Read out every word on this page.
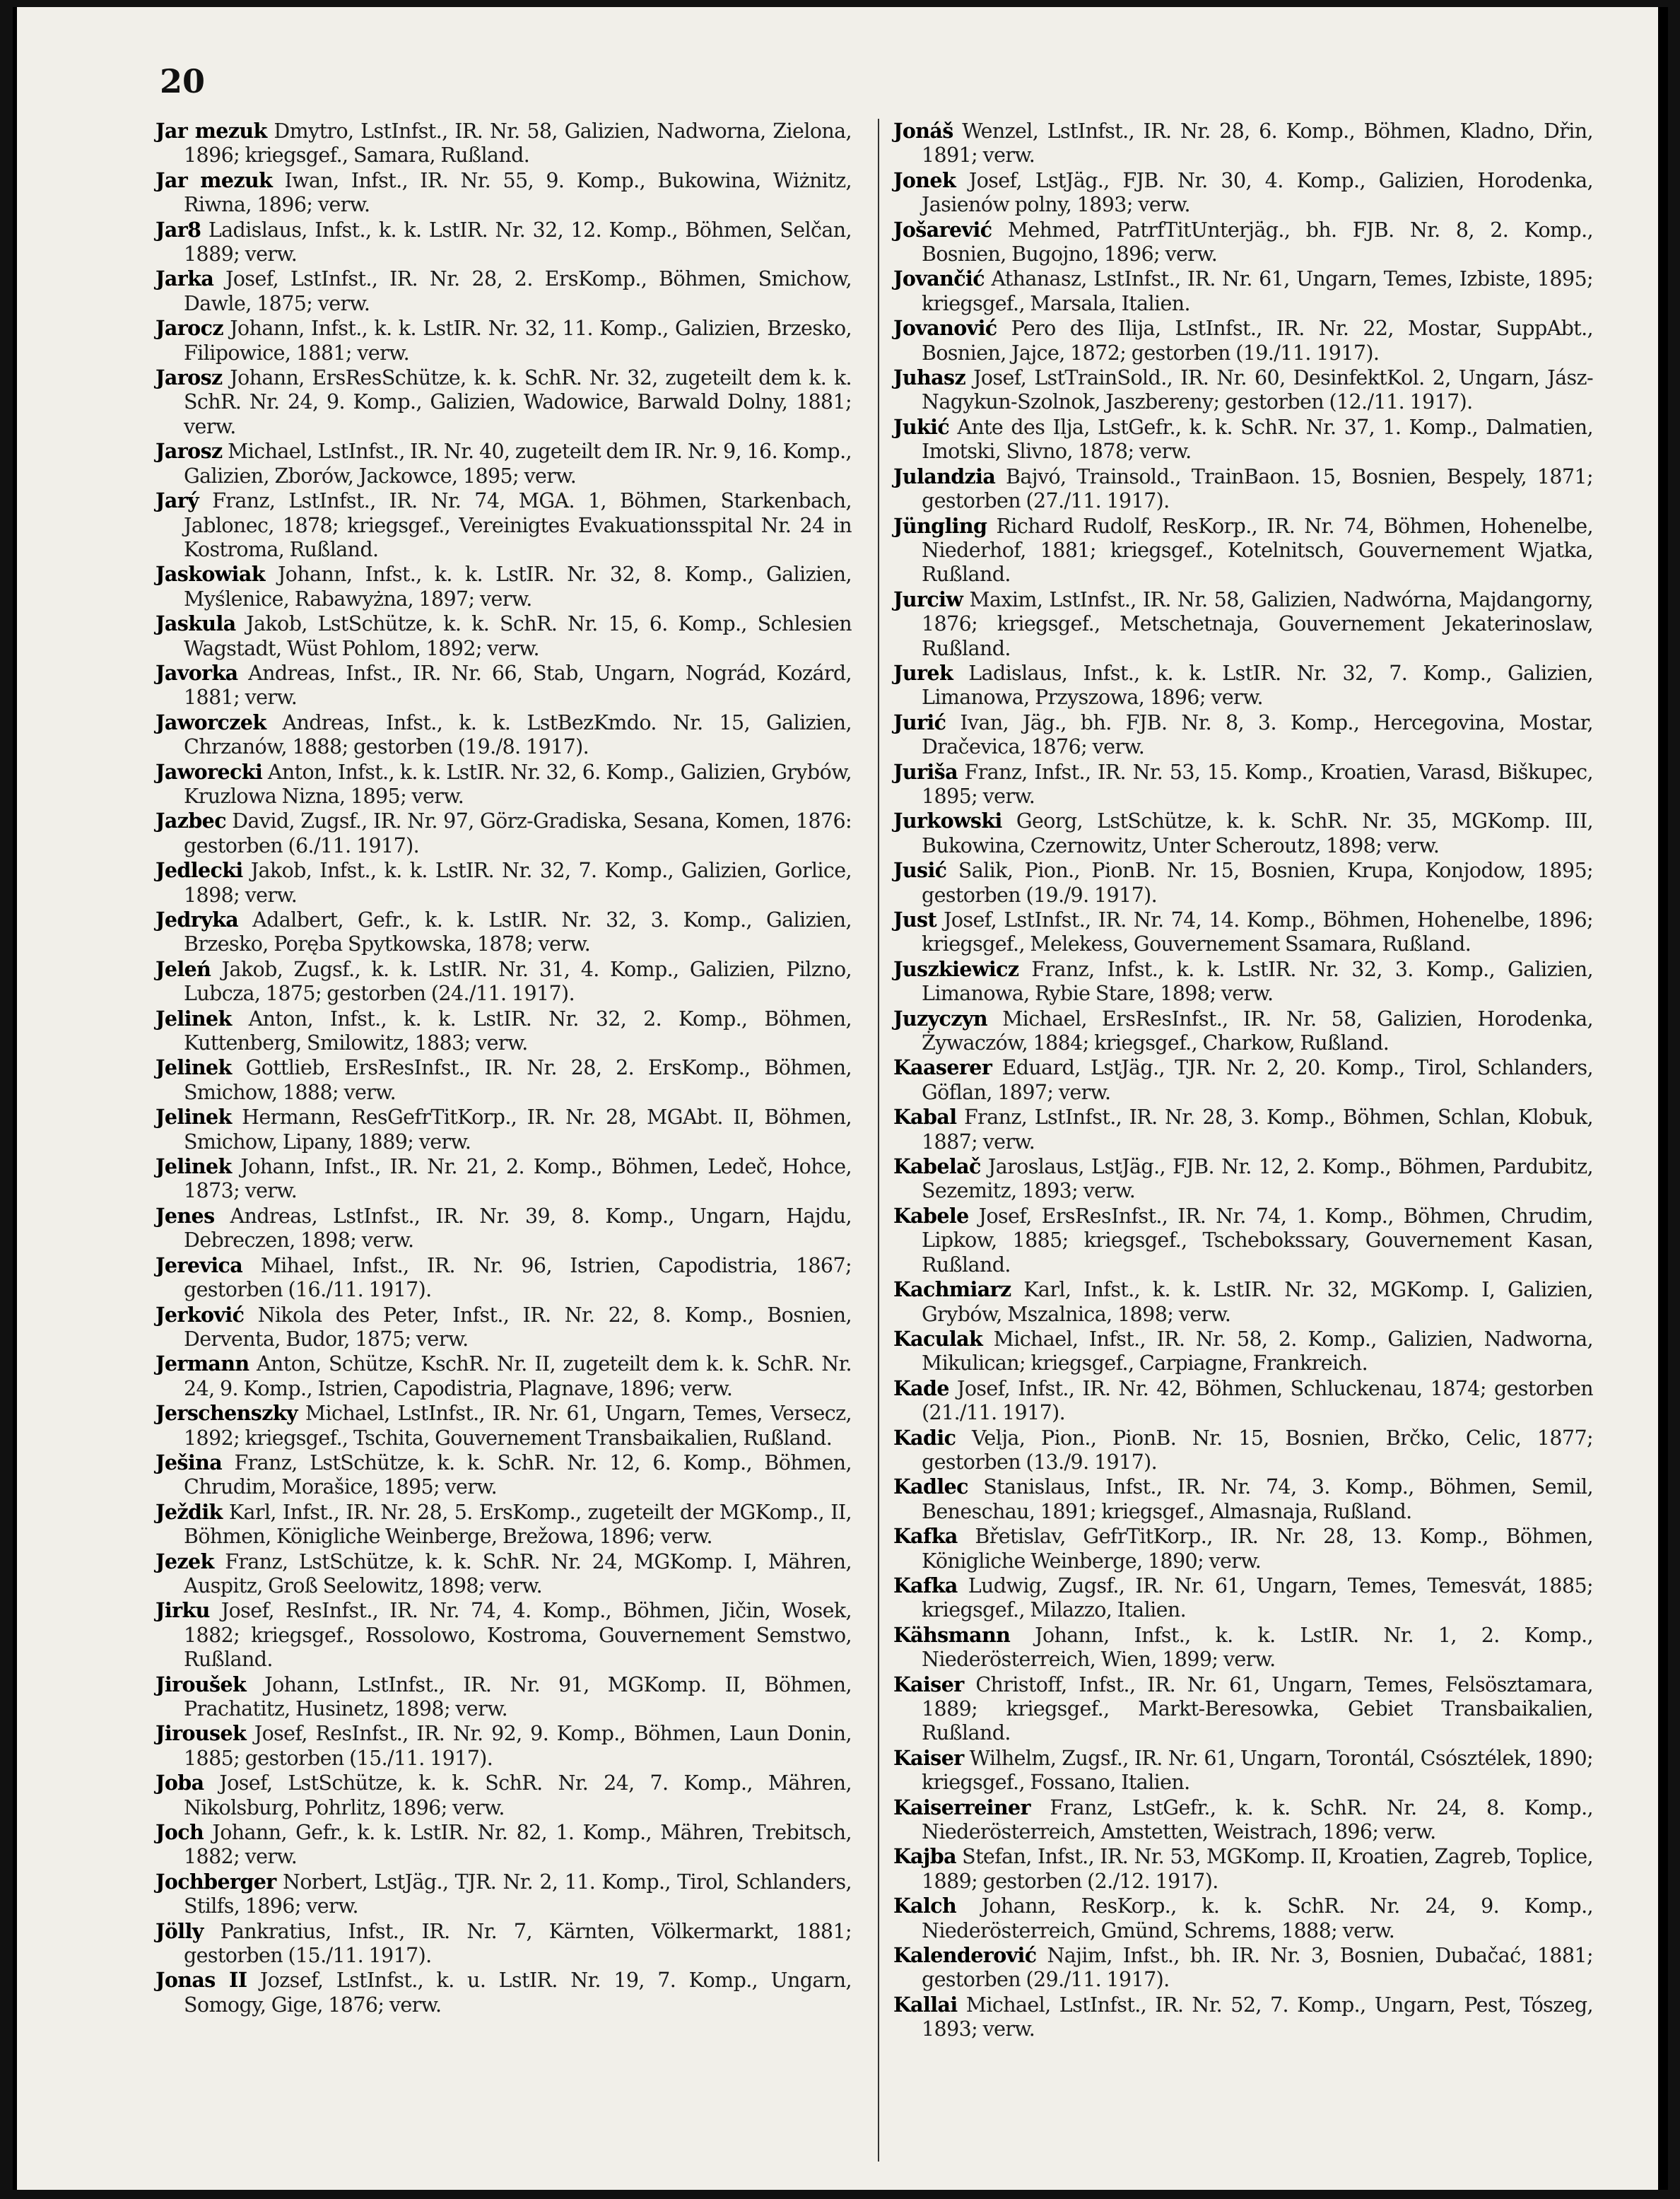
20

Jar mezuk Dmytro, LstInfst., IR. Nr. 58, Galizien, Nadworna, Zielona, 1896; kriegsgef., Samara, Rußland.

Jar mezuk Iwan, Infst., IR. Nr. 55, 9. Komp., Bukowina, Wiżnitz, Riwna, 1896; verw.

Jar8 Ladislaus, Infst., k. k. LstIR. Nr. 32, 12. Komp., Böhmen, Selčan, 1889; verw.

Jarka Josef, LstInfst., IR. Nr. 28, 2. ErsKomp., Böhmen, Smichow, Dawle, 1875; verw.

Jarocz Johann, Infst., k. k. LstIR. Nr. 32, 11. Komp., Galizien, Brzesko, Filipowice, 1881; verw.

Jarosz Johann, ErsResSchütze, k. k. SchR. Nr. 32, zugeteilt dem k. k. SchR. Nr. 24, 9. Komp., Galizien, Wadowice, Barwald Dolny, 1881; verw.

Jarosz Michael, LstInfst., IR. Nr. 40, zugeteilt dem IR. Nr. 9, 16. Komp., Galizien, Zborów, Jackowce, 1895; verw.

Jarý Franz, LstInfst., IR. Nr. 74, MGA. 1, Böhmen, Starkenbach, Jablonec, 1878; kriegsgef., Vereinigtes Evakuationsspital Nr. 24 in Kostroma, Rußland.

Jaskowiak Johann, Infst., k. k. LstIR. Nr. 32, 8. Komp., Galizien, Myślenice, Rabawyżna, 1897; verw.

Jaskula Jakob, LstSchütze, k. k. SchR. Nr. 15, 6. Komp., Schlesien Wagstadt, Wüst Pohlom, 1892; verw.

Javorka Andreas, Infst., IR. Nr. 66, Stab, Ungarn, Nográd, Kozárd, 1881; verw.

Jaworczek Andreas, Infst., k. k. LstBezKmdo. Nr. 15, Galizien, Chrzanów, 1888; gestorben (19./8. 1917).

Jaworecki Anton, Infst., k. k. LstIR. Nr. 32, 6. Komp., Galizien, Grybów, Kruzlowa Nizna, 1895; verw.

Jazbec David, Zugsf., IR. Nr. 97, Görz-Gradiska, Sesana, Komen, 1876: gestorben (6./11. 1917).

Jedlecki Jakob, Infst., k. k. LstIR. Nr. 32, 7. Komp., Galizien, Gorlice, 1898; verw.

Jedryka Adalbert, Gefr., k. k. LstIR. Nr. 32, 3. Komp., Galizien, Brzesko, Poręba Spytkowska, 1878; verw.

Jeleń Jakob, Zugsf., k. k. LstIR. Nr. 31, 4. Komp., Galizien, Pilzno, Lubcza, 1875; gestorben (24./11. 1917).

Jelinek Anton, Infst., k. k. LstIR. Nr. 32, 2. Komp., Böhmen, Kuttenberg, Smilowitz, 1883; verw.

Jelinek Gottlieb, ErsResInfst., IR. Nr. 28, 2. ErsKomp., Böhmen, Smichow, 1888; verw.

Jelinek Hermann, ResGefrTitKorp., IR. Nr. 28, MGAbt. II, Böhmen, Smichow, Lipany, 1889; verw.

Jelinek Johann, Infst., IR. Nr. 21, 2. Komp., Böhmen, Ledeč, Hohce, 1873; verw.

Jenes Andreas, LstInfst., IR. Nr. 39, 8. Komp., Ungarn, Hajdu, Debreczen, 1898; verw.

Jerevica Mihael, Infst., IR. Nr. 96, Istrien, Capodistria, 1867; gestorben (16./11. 1917).

Jerković Nikola des Peter, Infst., IR. Nr. 22, 8. Komp., Bosnien, Derventa, Budor, 1875; verw.

Jermann Anton, Schütze, KschR. Nr. II, zugeteilt dem k. k. SchR. Nr. 24, 9. Komp., Istrien, Capodistria, Plagnave, 1896; verw.

Jerschenszky Michael, LstInfst., IR. Nr. 61, Ungarn, Temes, Versecz, 1892; kriegsgef., Tschita, Gouvernement Transbaikalien, Rußland.

Ješina Franz, LstSchütze, k. k. SchR. Nr. 12, 6. Komp., Böhmen, Chrudim, Morašice, 1895; verw.

Ježdik Karl, Infst., IR. Nr. 28, 5. ErsKomp., zugeteilt der MGKomp., II, Böhmen, Königliche Weinberge, Brežowa, 1896; verw.

Jezek Franz, LstSchütze, k. k. SchR. Nr. 24, MGKomp. I, Mähren, Auspitz, Groß Seelowitz, 1898; verw.

Jirku Josef, ResInfst., IR. Nr. 74, 4. Komp., Böhmen, Jičin, Wosek, 1882; kriegsgef., Rossolowo, Kostroma, Gouvernement Semstwo, Rußland.

Jiroušek Johann, LstInfst., IR. Nr. 91, MGKomp. II, Böhmen, Prachatitz, Husinetz, 1898; verw.

Jirousek Josef, ResInfst., IR. Nr. 92, 9. Komp., Böhmen, Laun Donin, 1885; gestorben (15./11. 1917).

Joba Josef, LstSchütze, k. k. SchR. Nr. 24, 7. Komp., Mähren, Nikolsburg, Pohrlitz, 1896; verw.

Joch Johann, Gefr., k. k. LstIR. Nr. 82, 1. Komp., Mähren, Trebitsch, 1882; verw.

Jochberger Norbert, LstJäg., TJR. Nr. 2, 11. Komp., Tirol, Schlanders, Stilfs, 1896; verw.

Jölly Pankratius, Infst., IR. Nr. 7, Kärnten, Völkermarkt, 1881; gestorben (15./11. 1917).

Jonas II Jozsef, LstInfst., k. u. LstIR. Nr. 19, 7. Komp., Ungarn, Somogy, Gige, 1876; verw.

Jonáš Wenzel, LstInfst., IR. Nr. 28, 6. Komp., Böhmen, Kladno, Dřin, 1891; verw.

Jonek Josef, LstJäg., FJB. Nr. 30, 4. Komp., Galizien, Horodenka, Jasienów polny, 1893; verw.

Jošarević Mehmed, PatrfTitUnterjäg., bh. FJB. Nr. 8, 2. Komp., Bosnien, Bugojno, 1896; verw.

Jovančić Athanasz, LstInfst., IR. Nr. 61, Ungarn, Temes, Izbiste, 1895; kriegsgef., Marsala, Italien.

Jovanović Pero des Ilija, LstInfst., IR. Nr. 22, Mostar, SuppAbt., Bosnien, Jajce, 1872; gestorben (19./11. 1917).

Juhasz Josef, LstTrainSold., IR. Nr. 60, DesinfektKol. 2, Ungarn, Jász-Nagykun-Szolnok, Jaszbereny; gestorben (12./11. 1917).

Jukić Ante des Ilja, LstGefr., k. k. SchR. Nr. 37, 1. Komp., Dalmatien, Imotski, Slivno, 1878; verw.

Julandzia Bajvó, Trainsold., TrainBaon. 15, Bosnien, Bespely, 1871; gestorben (27./11. 1917).

Jüngling Richard Rudolf, ResKorp., IR. Nr. 74, Böhmen, Hohenelbe, Niederhof, 1881; kriegsgef., Kotelnitsch, Gouvernement Wjatka, Rußland.

Jurciw Maxim, LstInfst., IR. Nr. 58, Galizien, Nadwórna, Majdangorny, 1876; kriegsgef., Metschetnaja, Gouvernement Jekaterinoslaw, Rußland.

Jurek Ladislaus, Infst., k. k. LstIR. Nr. 32, 7. Komp., Galizien, Limanowa, Przyszowa, 1896; verw.

Jurić Ivan, Jäg., bh. FJB. Nr. 8, 3. Komp., Hercegovina, Mostar, Dračevica, 1876; verw.

Juriša Franz, Infst., IR. Nr. 53, 15. Komp., Kroatien, Varasd, Biškupec, 1895; verw.

Jurkowski Georg, LstSchütze, k. k. SchR. Nr. 35, MGKomp. III, Bukowina, Czernowitz, Unter Scheroutz, 1898; verw.

Jusić Salik, Pion., PionB. Nr. 15, Bosnien, Krupa, Konjodow, 1895; gestorben (19./9. 1917).

Just Josef, LstInfst., IR. Nr. 74, 14. Komp., Böhmen, Hohenelbe, 1896; kriegsgef., Melekess, Gouvernement Ssamara, Rußland.

Juszkiewicz Franz, Infst., k. k. LstIR. Nr. 32, 3. Komp., Galizien, Limanowa, Rybie Stare, 1898; verw.

Juzyczyn Michael, ErsResInfst., IR. Nr. 58, Galizien, Horodenka, Żywaczów, 1884; kriegsgef., Charkow, Rußland.

Kaaserer Eduard, LstJäg., TJR. Nr. 2, 20. Komp., Tirol, Schlanders, Göflan, 1897; verw.

Kabal Franz, LstInfst., IR. Nr. 28, 3. Komp., Böhmen, Schlan, Klobuk, 1887; verw.

Kabelač Jaroslaus, LstJäg., FJB. Nr. 12, 2. Komp., Böhmen, Pardubitz, Sezemitz, 1893; verw.

Kabele Josef, ErsResInfst., IR. Nr. 74, 1. Komp., Böhmen, Chrudim, Lipkow, 1885; kriegsgef., Tschebokssary, Gouvernement Kasan, Rußland.

Kachmiarz Karl, Infst., k. k. LstIR. Nr. 32, MGKomp. I, Galizien, Grybów, Mszalnica, 1898; verw.

Kaculak Michael, Infst., IR. Nr. 58, 2. Komp., Galizien, Nadworna, Mikulican; kriegsgef., Carpiagne, Frankreich.

Kade Josef, Infst., IR. Nr. 42, Böhmen, Schluckenau, 1874; gestorben (21./11. 1917).

Kadic Velja, Pion., PionB. Nr. 15, Bosnien, Brčko, Celic, 1877; gestorben (13./9. 1917).

Kadlec Stanislaus, Infst., IR. Nr. 74, 3. Komp., Böhmen, Semil, Beneschau, 1891; kriegsgef., Almasnaja, Rußland.

Kafka Břetislav, GefrTitKorp., IR. Nr. 28, 13. Komp., Böhmen, Königliche Weinberge, 1890; verw.

Kafka Ludwig, Zugsf., IR. Nr. 61, Ungarn, Temes, Temesvát, 1885; kriegsgef., Milazzo, Italien.

Kähsmann Johann, Infst., k. k. LstIR. Nr. 1, 2. Komp., Niederösterreich, Wien, 1899; verw.

Kaiser Christoff, Infst., IR. Nr. 61, Ungarn, Temes, Felsösztamara, 1889; kriegsgef., Markt-Beresowka, Gebiet Transbaikalien, Rußland.

Kaiser Wilhelm, Zugsf., IR. Nr. 61, Ungarn, Torontál, Csósztélek, 1890; kriegsgef., Fossano, Italien.

Kaiserreiner Franz, LstGefr., k. k. SchR. Nr. 24, 8. Komp., Niederösterreich, Amstetten, Weistrach, 1896; verw.

Kajba Stefan, Infst., IR. Nr. 53, MGKomp. II, Kroatien, Zagreb, Toplice, 1889; gestorben (2./12. 1917).

Kalch Johann, ResKorp., k. k. SchR. Nr. 24, 9. Komp., Niederösterreich, Gmünd, Schrems, 1888; verw.

Kalenderović Najim, Infst., bh. IR. Nr. 3, Bosnien, Dubačać, 1881; gestorben (29./11. 1917).

Kallai Michael, LstInfst., IR. Nr. 52, 7. Komp., Ungarn, Pest, Tószeg, 1893; verw.
